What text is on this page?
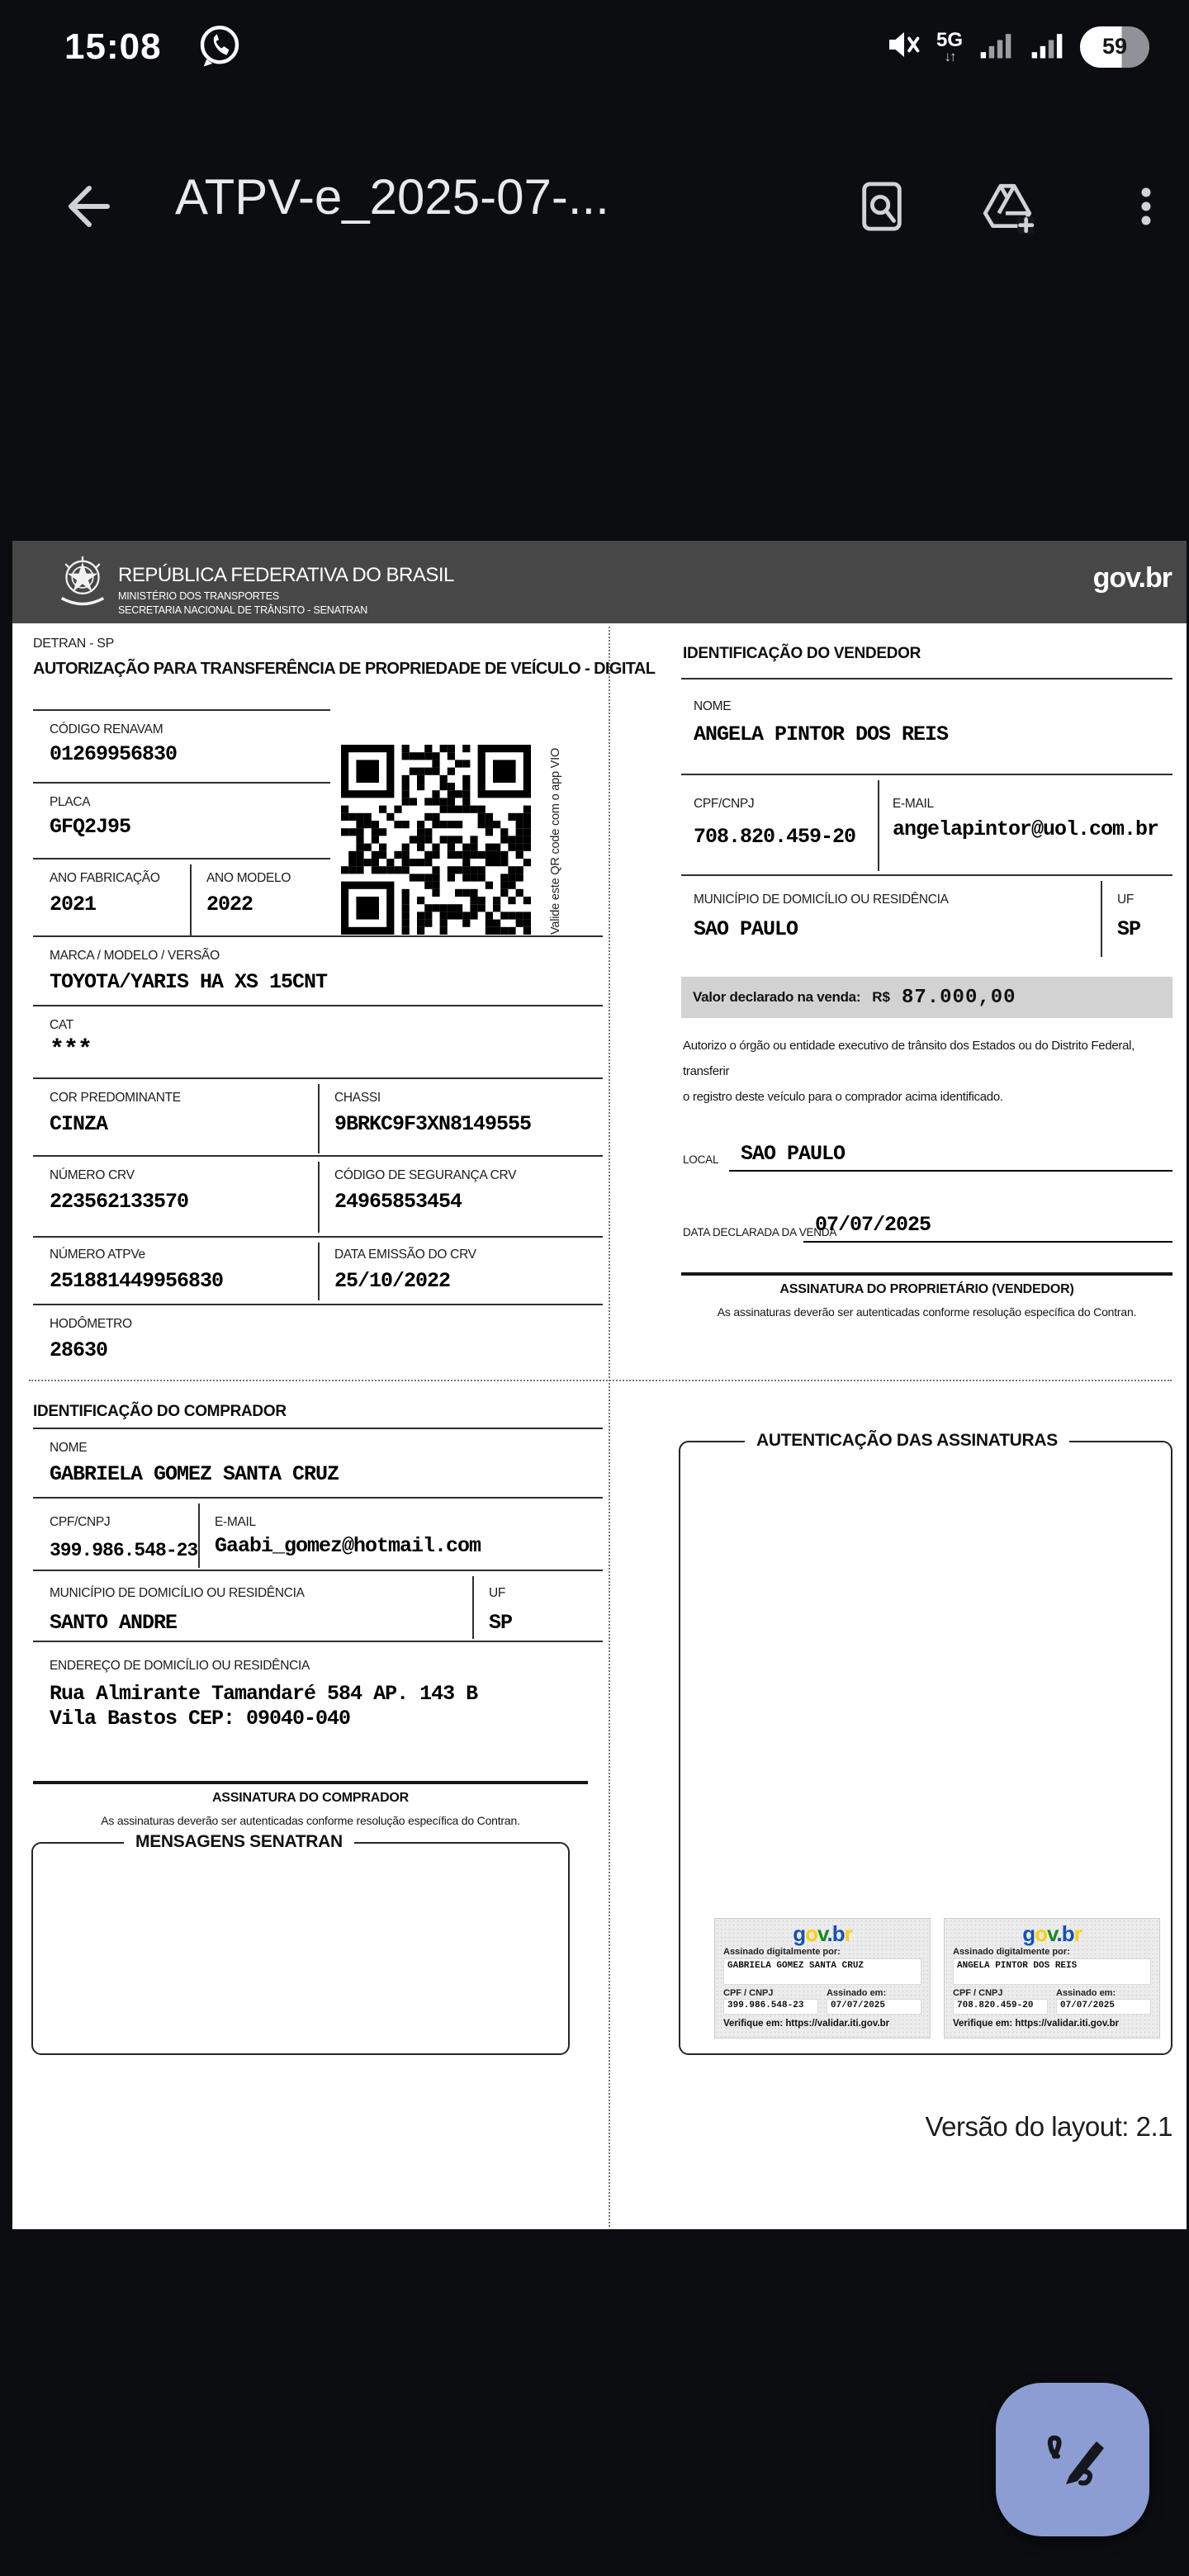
15:08	5G
↓↑	59
ATPV-e_2025-07-...
REPÚBLICA FEDERATIVA DO BRASIL
MINISTÉRIO DOS TRANSPORTES
SECRETARIA NACIONAL DE TRÂNSITO - SENATRAN
gov.br
DETRAN - SP
AUTORIZAÇÃO PARA TRANSFERÊNCIA DE PROPRIEDADE DE VEÍCULO - DIGITAL
CÓDIGO RENAVAM
01269956830
PLACA
GFQ2J95
ANO FABRICAÇÃO
2021
ANO MODELO
2022	Valide este QR code com o app VIO
MARCA / MODELO / VERSÃO
TOYOTA/YARIS HA XS 15CNT
CAT
***
COR PREDOMINANTE
CINZA
CHASSI
9BRKC9F3XN8149555
NÚMERO CRV
223562133570
CÓDIGO DE SEGURANÇA CRV
24965853454
NÚMERO ATPVe
251881449956830
DATA EMISSÃO DO CRV
25/10/2022
HODÔMETRO
28630
IDENTIFICAÇÃO DO VENDEDOR
NOME
ANGELA PINTOR DOS REIS
CPF/CNPJ
708.820.459-20
E-MAIL
angelapintor@uol.com.br
MUNICÍPIO DE DOMICÍLIO OU RESIDÊNCIA
SAO PAULO
UF
SP
Valor declarado na venda: R$ 87.000,00
Autorizo o órgão ou entidade executivo de trânsito dos Estados ou do Distrito Federal, transferir
o registro deste veículo para o comprador acima identificado.
LOCAL SAO PAULO
DATA DECLARADA DA VENDA
07/07/2025
ASSINATURA DO PROPRIETÁRIO (VENDEDOR)
As assinaturas deverão ser autenticadas conforme resolução específica do Contran.
IDENTIFICAÇÃO DO COMPRADOR
NOME
GABRIELA GOMEZ SANTA CRUZ
CPF/CNPJ
399.986.548-23
E-MAIL
Gaabi_gomez@hotmail.com
MUNICÍPIO DE DOMICÍLIO OU RESIDÊNCIA
SANTO ANDRE
UF
SP
ENDEREÇO DE DOMICÍLIO OU RESIDÊNCIA
Rua Almirante Tamandaré 584 AP. 143 B
Vila Bastos CEP: 09040-040
ASSINATURA DO COMPRADOR
As assinaturas deverão ser autenticadas conforme resolução específica do Contran.
MENSAGENS SENATRAN
AUTENTICAÇÃO DAS ASSINATURAS
gov.br
Assinado digitalmente por:
GABRIELA GOMEZ SANTA CRUZ
CPF / CNPJ
399.986.548-23
Assinado em:
07/07/2025
Verifique em: https://validar.iti.gov.br
gov.br
Assinado digitalmente por:
ANGELA PINTOR DOS REIS
CPF / CNPJ
708.820.459-20
Assinado em:
07/07/2025
Verifique em: https://validar.iti.gov.br
Versão do layout: 2.1
